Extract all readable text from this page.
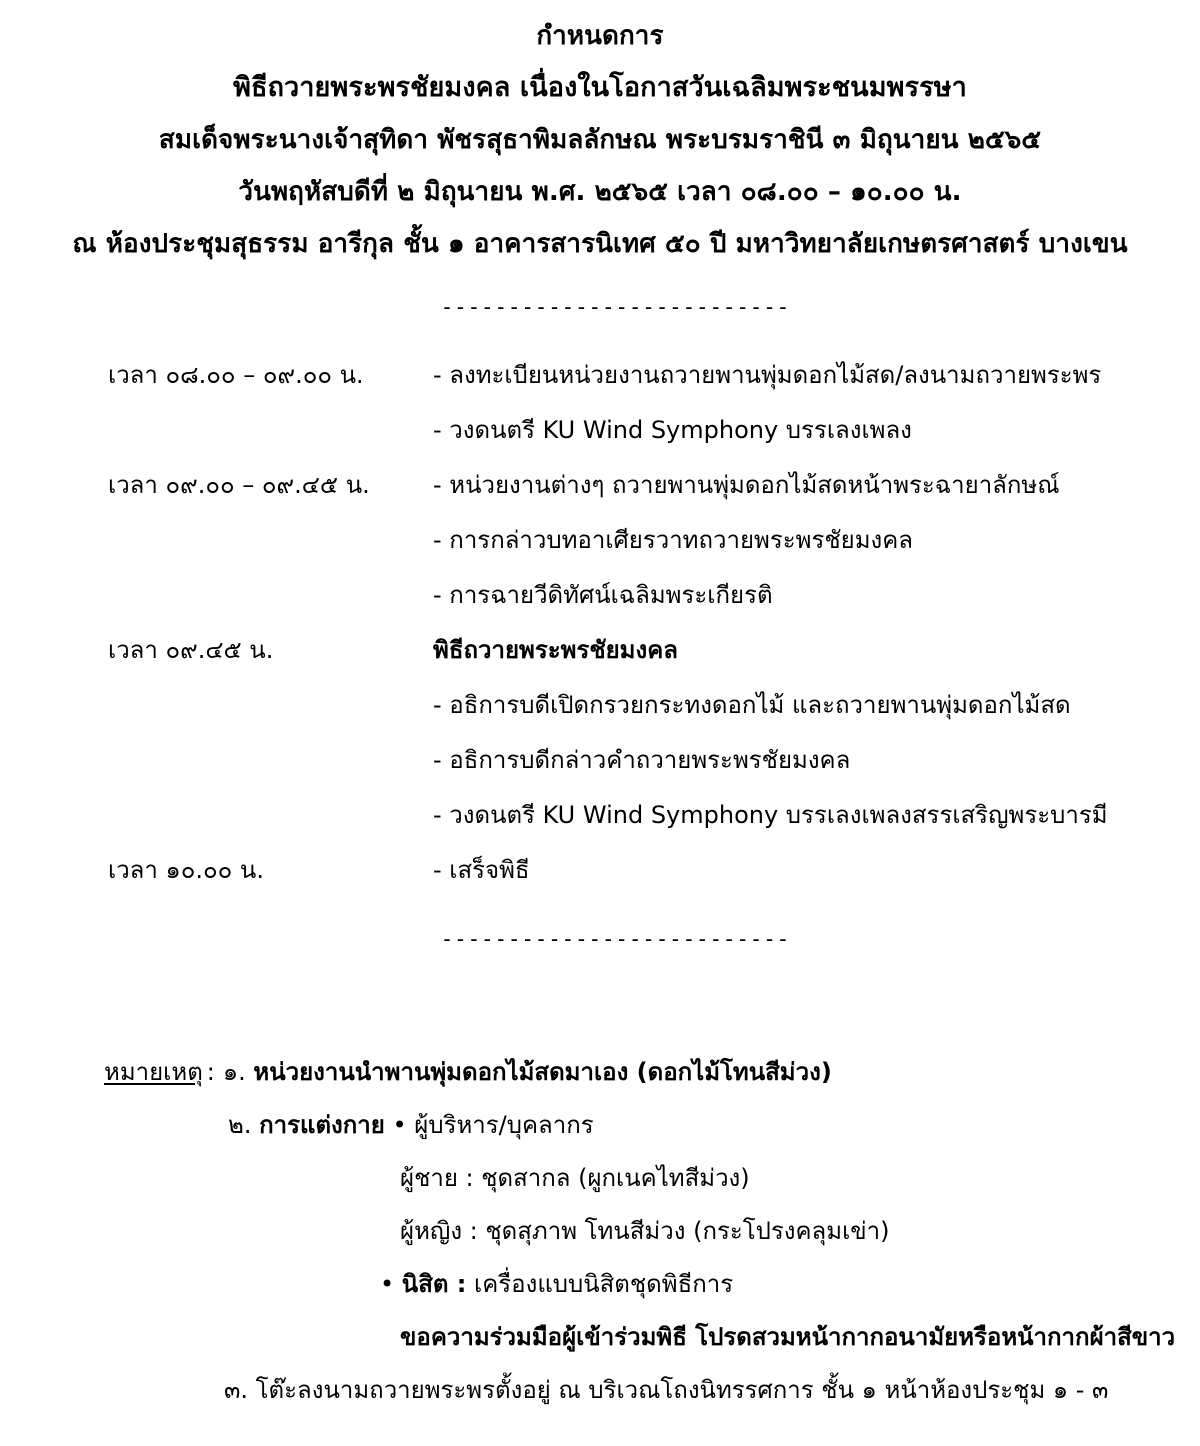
กำหนดการ
พิธีถวายพระพรชัยมงคล เนื่องในโอกาสวันเฉลิมพระชนมพรรษา
สมเด็จพระนางเจ้าสุทิดา พัชรสุธาพิมลลักษณ พระบรมราชินี ๓ มิถุนายน ๒๕๖๕
วันพฤหัสบดีที่ ๒ มิถุนายน พ.ศ. ๒๕๖๕ เวลา ๐๘.๐๐ – ๑๐.๐๐ น.
ณ ห้องประชุมสุธรรม อารีกุล ชั้น ๑ อาคารสารนิเทศ ๕๐ ปี มหาวิทยาลัยเกษตรศาสตร์ บางเขน
- - - - - - - - - - - - - - - - - - - - - - - - - -
เวลา ๐๘.๐๐ – ๐๙.๐๐ น.	- ลงทะเบียนหน่วยงานถวายพานพุ่มดอกไม้สด/ลงนามถวายพระพร
- วงดนตรี KU Wind Symphony บรรเลงเพลง
เวลา ๐๙.๐๐ – ๐๙.๔๕ น.	- หน่วยงานต่างๆ ถวายพานพุ่มดอกไม้สดหน้าพระฉายาลักษณ์
- การกล่าวบทอาเศียรวาทถวายพระพรชัยมงคล
- การฉายวีดิทัศน์เฉลิมพระเกียรติ
เวลา ๐๙.๔๕ น.	พิธีถวายพระพรชัยมงคล
- อธิการบดีเปิดกรวยกระทงดอกไม้ และถวายพานพุ่มดอกไม้สด
- อธิการบดีกล่าวคำถวายพระพรชัยมงคล
- วงดนตรี KU Wind Symphony บรรเลงเพลงสรรเสริญพระบารมี
เวลา ๑๐.๐๐ น.	- เสร็จพิธี
- - - - - - - - - - - - - - - - - - - - - - - - - -
หมายเหตุ : ๑.
หน่วยงานนำพานพุ่มดอกไม้สดมาเอง (ดอกไม้โทนสีม่วง)
๒.
การแต่งกาย
•
ผู้บริหาร/บุคลากร
ผู้ชาย : ชุดสากล (ผูกเนคไทสีม่วง)
ผู้หญิง : ชุดสุภาพ โทนสีม่วง (กระโปรงคลุมเข่า)
•
นิสิต :
เครื่องแบบนิสิตชุดพิธีการ
ขอความร่วมมือผู้เข้าร่วมพิธี โปรดสวมหน้ากากอนามัยหรือหน้ากากผ้าสีขาว
๓. โต๊ะลงนามถวายพระพรตั้งอยู่ ณ บริเวณโถงนิทรรศการ ชั้น ๑ หน้าห้องประชุม ๑ - ๓
